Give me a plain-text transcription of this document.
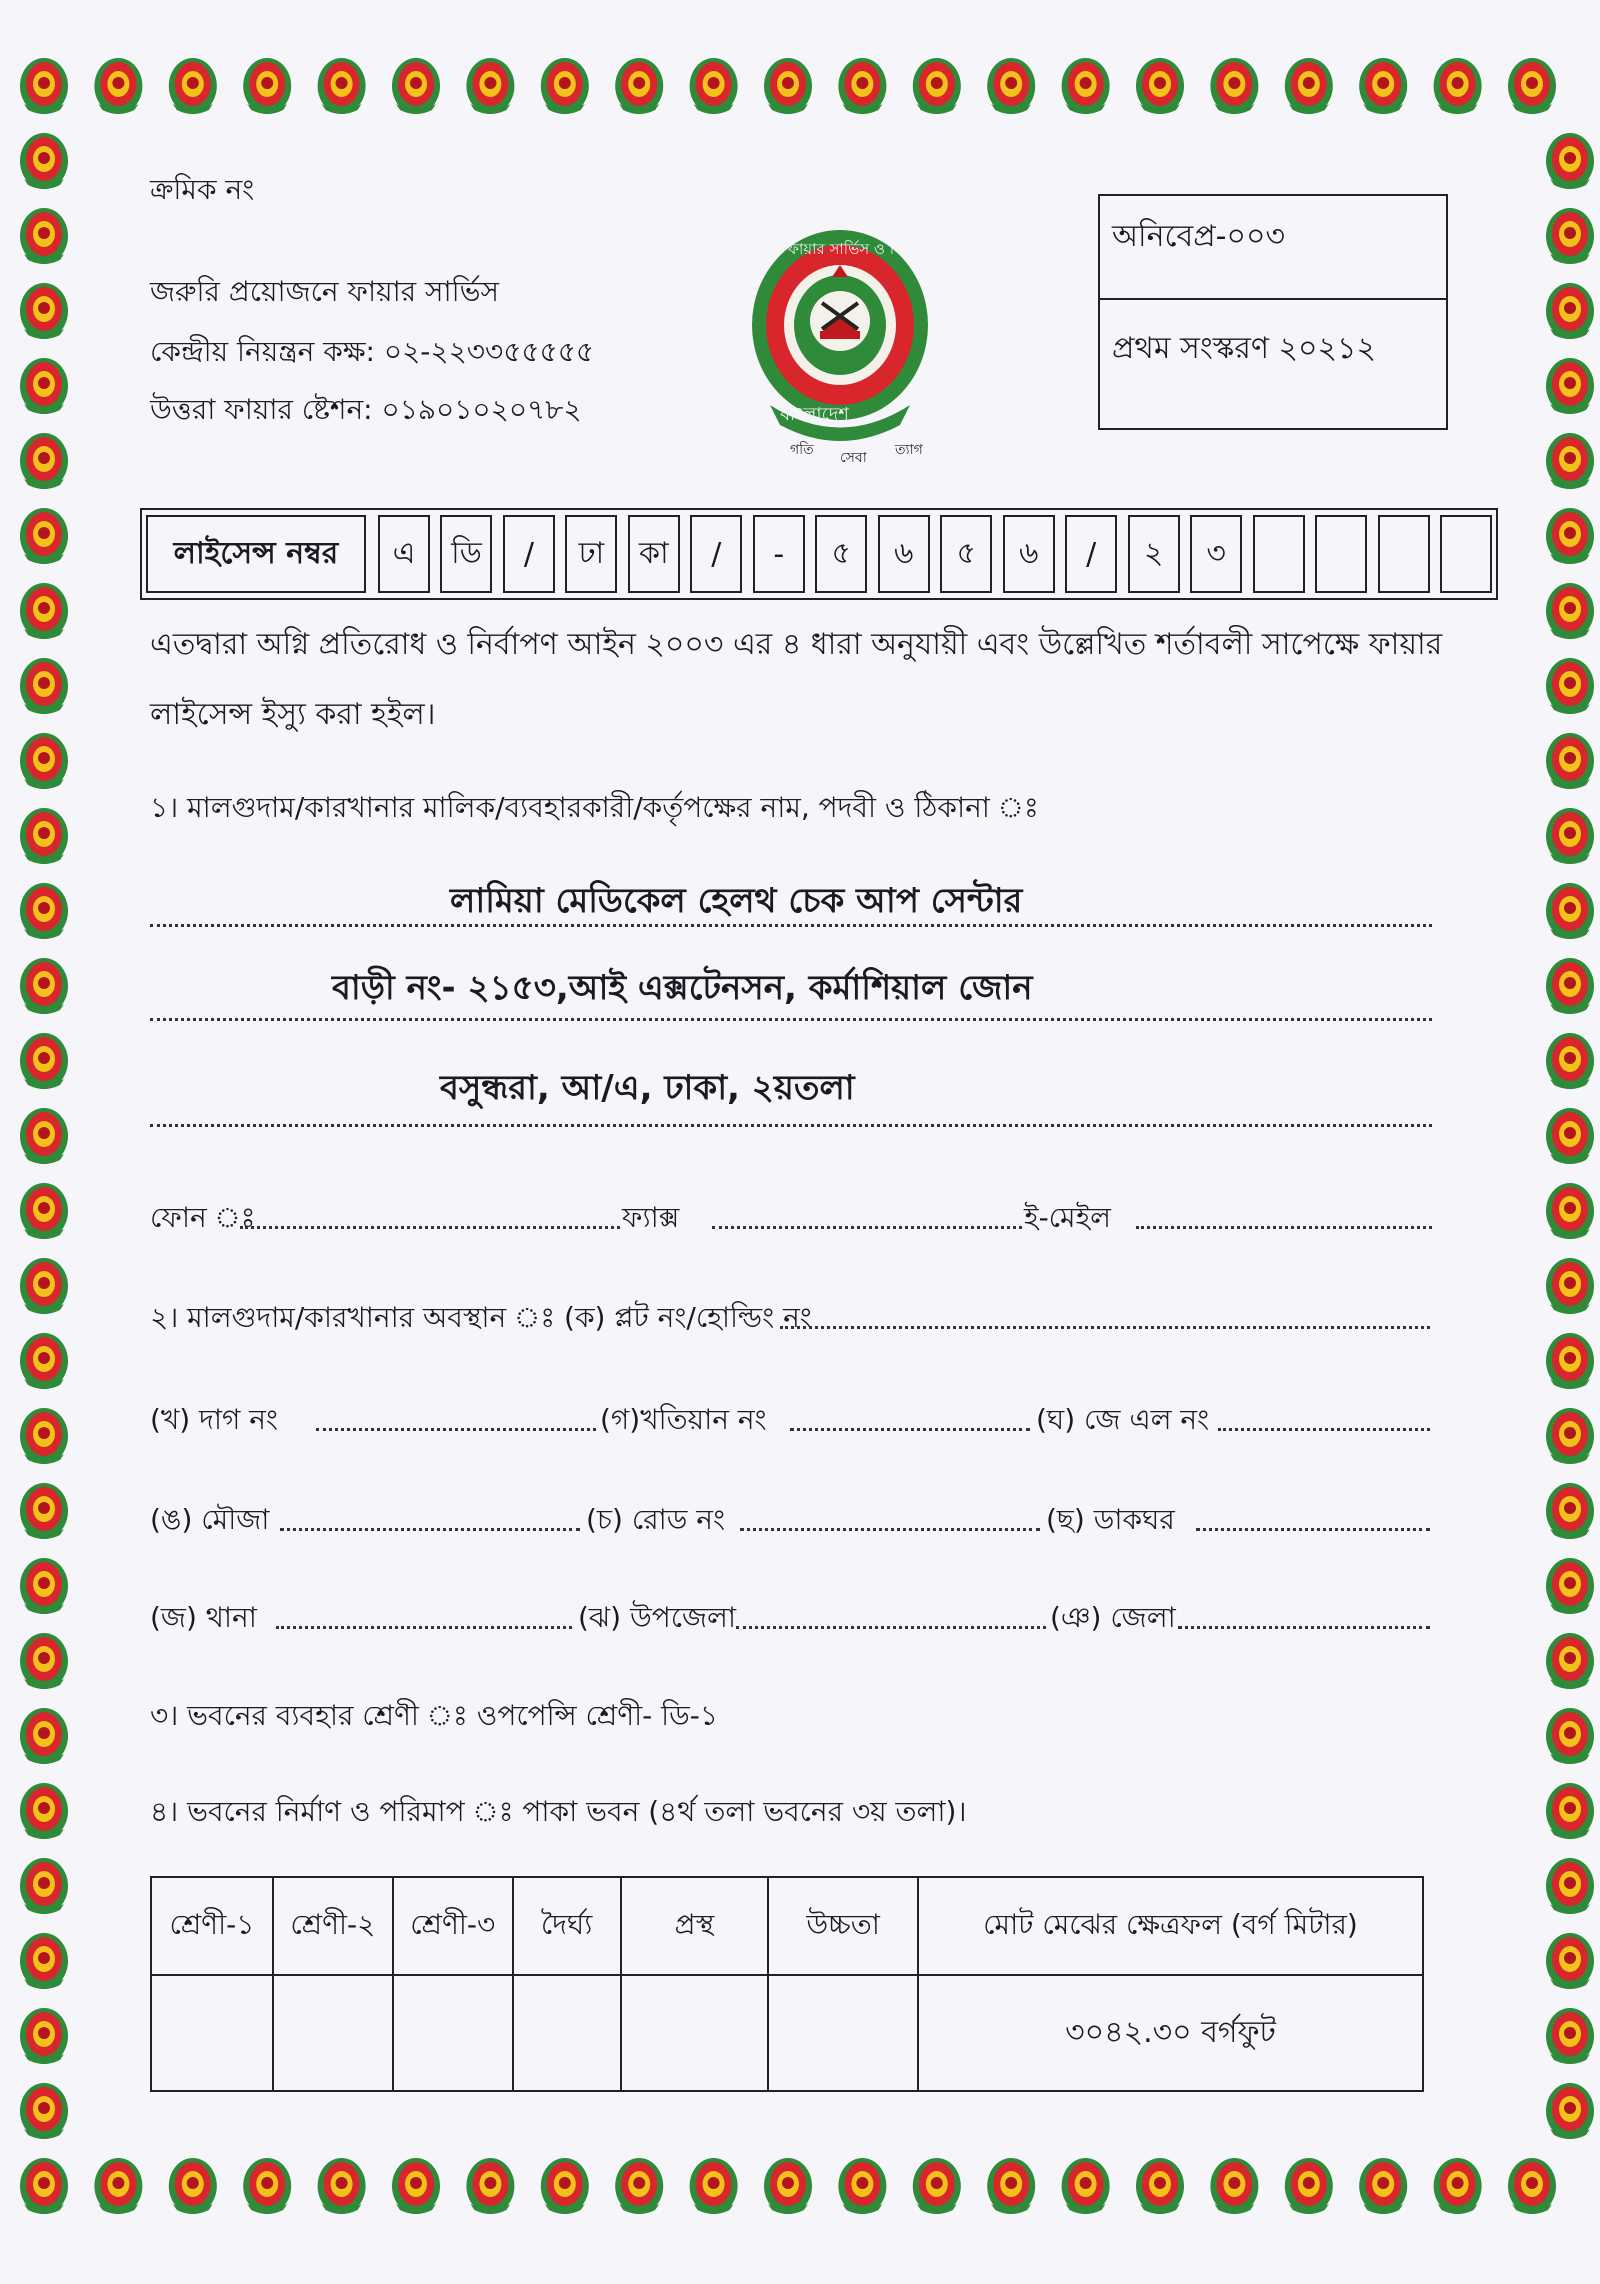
ক্রমিক নং
জরুরি প্রয়োজনে ফায়ার সার্ভিস
কেন্দ্রীয় নিয়ন্ত্রন কক্ষ: ০২-২২৩৩৫৫৫৫৫
উত্তরা ফায়ার ষ্টেশন: ০১৯০১০২০৭৮২	বাংলাদেশ
ফায়ার সার্ভিস ও সিভিল ডিফেন্স
গতি সেবা ত্যাগ
অনিবেপ্র-০০৩
প্রথম সংস্করণ ২০২১২
লাইসেন্স নম্বর	এ	ডি	/	ঢা	কা	/	-	৫	৬	৫	৬	/	২	৩
এতদ্বারা অগ্নি প্রতিরোধ ও নির্বাপণ আইন ২০০৩ এর ৪ ধারা অনুযায়ী এবং উল্লেখিত শর্তাবলী সাপেক্ষে ফায়ার
লাইসেন্স ইস্যু করা হইল।
১। মালগুদাম/কারখানার মালিক/ব্যবহারকারী/কর্তৃপক্ষের নাম, পদবী ও ঠিকানা ঃ
লামিয়া মেডিকেল হেলথ চেক আপ সেন্টার
বাড়ী নং- ২১৫৩,আই এক্সটেনসন, কর্মাশিয়াল জোন
বসুন্ধরা, আ/এ, ঢাকা, ২য়তলা
ফোন ঃ	ফ্যাক্স	ই-মেইল
২। মালগুদাম/কারখানার অবস্থান ঃ (ক) প্লট নং/হোল্ডিং নং
(খ) দাগ নং	(গ)খতিয়ান নং	(ঘ) জে এল নং
(ঙ) মৌজা	(চ) রোড নং	(ছ) ডাকঘর
(জ) থানা	(ঝ) উপজেলা	(ঞ) জেলা
৩। ভবনের ব্যবহার শ্রেণী ঃ ওপপেন্সি শ্রেণী- ডি-১
৪। ভবনের নির্মাণ ও পরিমাপ ঃ পাকা ভবন (৪র্থ তলা ভবনের ৩য় তলা)।
শ্রেণী-১	শ্রেণী-২	শ্রেণী-৩	দৈর্ঘ্য	প্রস্থ	উচ্চতা	মোট মেঝের ক্ষেত্রফল (বর্গ মিটার)
						৩০৪২.৩০ বর্গফুট
